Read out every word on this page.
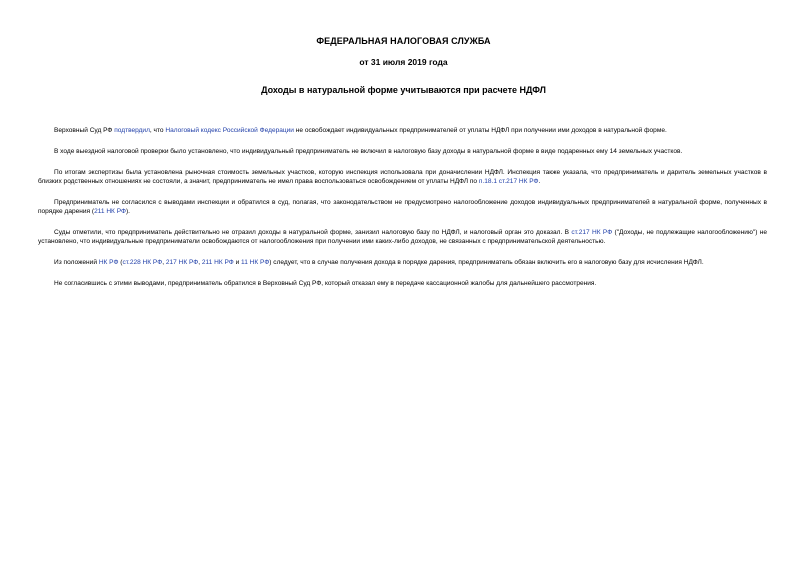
ФЕДЕРАЛЬНАЯ НАЛОГОВАЯ СЛУЖБА
от 31 июля 2019 года
Доходы в натуральной форме учитываются при расчете НДФЛ

Верховный Суд РФ подтвердил, что Налоговый кодекс Российской Федерации не освобождает индивидуальных предпринимателей от уплаты НДФЛ при получении ими доходов в натуральной форме.

В ходе выездной налоговой проверки было установлено, что индивидуальный предприниматель не включил в налоговую базу доходы в натуральной форме в виде подаренных ему 14 земельных участков.

По итогам экспертизы была установлена рыночная стоимость земельных участков, которую инспекция использовала при доначислении НДФЛ. Инспекция также указала, что предприниматель и даритель земельных участков в близких родственных отношениях не состояли, а значит, предприниматель не имел права воспользоваться освобождением от уплаты НДФЛ по п.18.1 ст.217 НК РФ.

Предприниматель не согласился с выводами инспекции и обратился в суд, полагая, что законодательством не предусмотрено налогообложение доходов индивидуальных предпринимателей в натуральной форме, полученных в порядке дарения (211 НК РФ).

Суды отметили, что предприниматель действительно не отразил доходы в натуральной форме, занизил налоговую базу по НДФЛ, и налоговый орган это доказал. В ст.217 НК РФ ("Доходы, не подлежащие налогообложению") не установлено, что индивидуальные предприниматели освобождаются от налогообложения при получении ими каких-либо доходов, не связанных с предпринимательской деятельностью.

Из положений НК РФ (ст.228 НК РФ, 217 НК РФ, 211 НК РФ и 11 НК РФ) следует, что в случае получения дохода в порядке дарения, предприниматель обязан включить его в налоговую базу для исчисления НДФЛ.

Не согласившись с этими выводами, предприниматель обратился в Верховный Суд РФ, который отказал ему в передаче кассационной жалобы для дальнейшего рассмотрения.
